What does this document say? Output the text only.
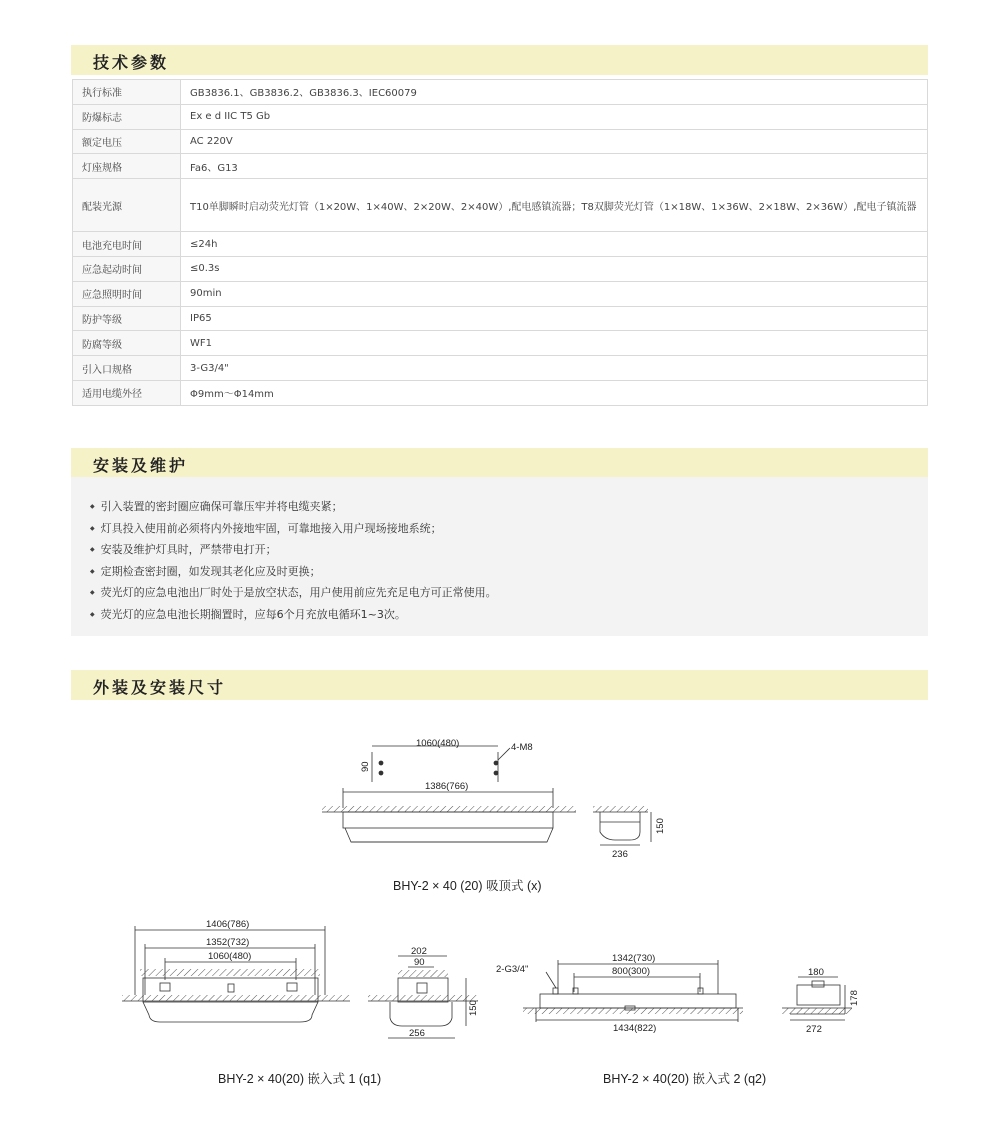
技术参数
执行标准	GB3836.1、GB3836.2、GB3836.3、IEC60079
防爆标志	Ex e d IIC T5 Gb
额定电压	AC 220V
灯座规格	Fa6、G13
配装光源	T10单脚瞬时启动荧光灯管（1×20W、1×40W、2×20W、2×40W）,配电感镇流器；T8双脚荧光灯管（1×18W、1×36W、2×18W、2×36W）,配电子镇流器
电池充电时间	≤24h
应急起动时间	≤0.3s
应急照明时间	90min
防护等级	IP65
防腐等级	WF1
引入口规格	3-G3/4"
适用电缆外径	Φ9mm～Φ14mm
安装及维护
◆ 引入装置的密封圈应确保可靠压牢并将电缆夹紧；
◆ 灯具投入使用前必须将内外接地牢固，可靠地接入用户现场接地系统；
◆ 安装及维护灯具时，严禁带电打开；
◆ 定期检查密封圈，如发现其老化应及时更换；
◆ 荧光灯的应急电池出厂时处于是放空状态，用户使用前应先充足电方可正常使用。
◆ 荧光灯的应急电池长期搁置时，应每6个月充放电循环1~3次。
外装及安装尺寸
1060(480)	4-M8
90
1386(766)
150
236
BHY-2 × 40 (20) 吸顶式 (x)
1406(786)
1352(732)
1060(480)	202
90
150
256
BHY-2 × 40(20) 嵌入式 1 (q1)
2-G3/4"
1342(730)
800(300)
1434(822)
180
178
272
BHY-2 × 40(20) 嵌入式 2 (q2)
